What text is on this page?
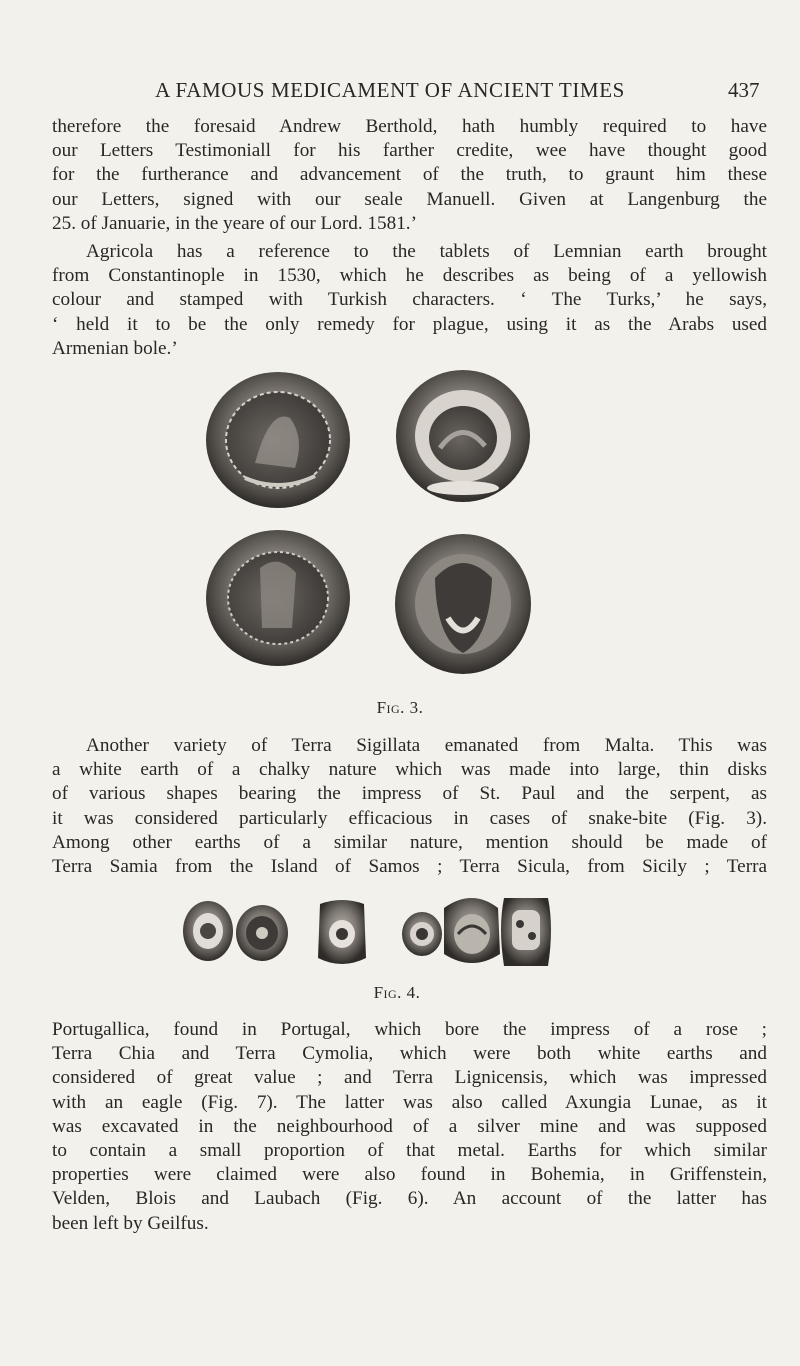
A FAMOUS MEDICAMENT OF ANCIENT TIMES	437
therefore the foresaid Andrew Berthold, hath humbly required to have
our Letters Testimoniall for his farther credite, wee have thought good
for the furtherance and advancement of the truth, to graunt him these
our Letters, signed with our seale Manuell. Given at Langenburg the
25. of Januarie, in the yeare of our Lord. 1581.’
Agricola has a reference to the tablets of Lemnian earth brought
from Constantinople in 1530, which he describes as being of a yellowish
colour and stamped with Turkish characters. ‘ The Turks,’ he says,
‘ held it to be the only remedy for plague, using it as the Arabs used
Armenian bole.’
Fig. 3.
Another variety of Terra Sigillata emanated from Malta. This was
a white earth of a chalky nature which was made into large, thin disks
of various shapes bearing the impress of St. Paul and the serpent, as
it was considered particularly efficacious in cases of snake-bite (Fig. 3).
Among other earths of a similar nature, mention should be made of
Terra Samia from the Island of Samos ; Terra Sicula, from Sicily ; Terra
Fig. 4.
Portugallica, found in Portugal, which bore the impress of a rose ;
Terra Chia and Terra Cymolia, which were both white earths and
considered of great value ; and Terra Lignicensis, which was impressed
with an eagle (Fig. 7). The latter was also called Axungia Lunae, as it
was excavated in the neighbourhood of a silver mine and was supposed
to contain a small proportion of that metal. Earths for which similar
properties were claimed were also found in Bohemia, in Griffenstein,
Velden, Blois and Laubach (Fig. 6). An account of the latter has
been left by Geilfus.
